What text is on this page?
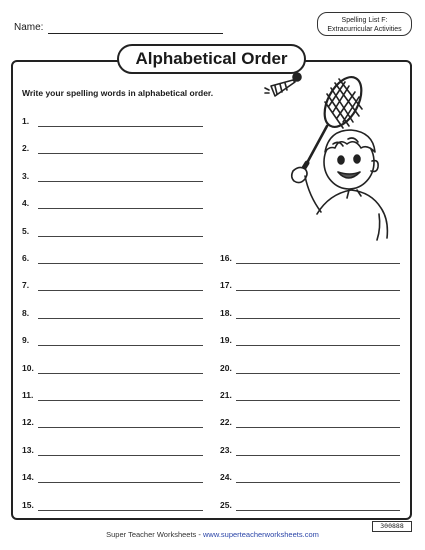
Name:
Spelling List F:
Extracurricular Activities
Alphabetical Order
Write your spelling words in alphabetical order.
1.
2.
3.
4.
5.
6.
7.
8.
9.
10.
11.
12.
13.
14.
15.
16.
17.
18.
19.
20.
21.
22.
23.
24.
25.
Super Teacher Worksheets - www.superteacherworksheets.com
300888
